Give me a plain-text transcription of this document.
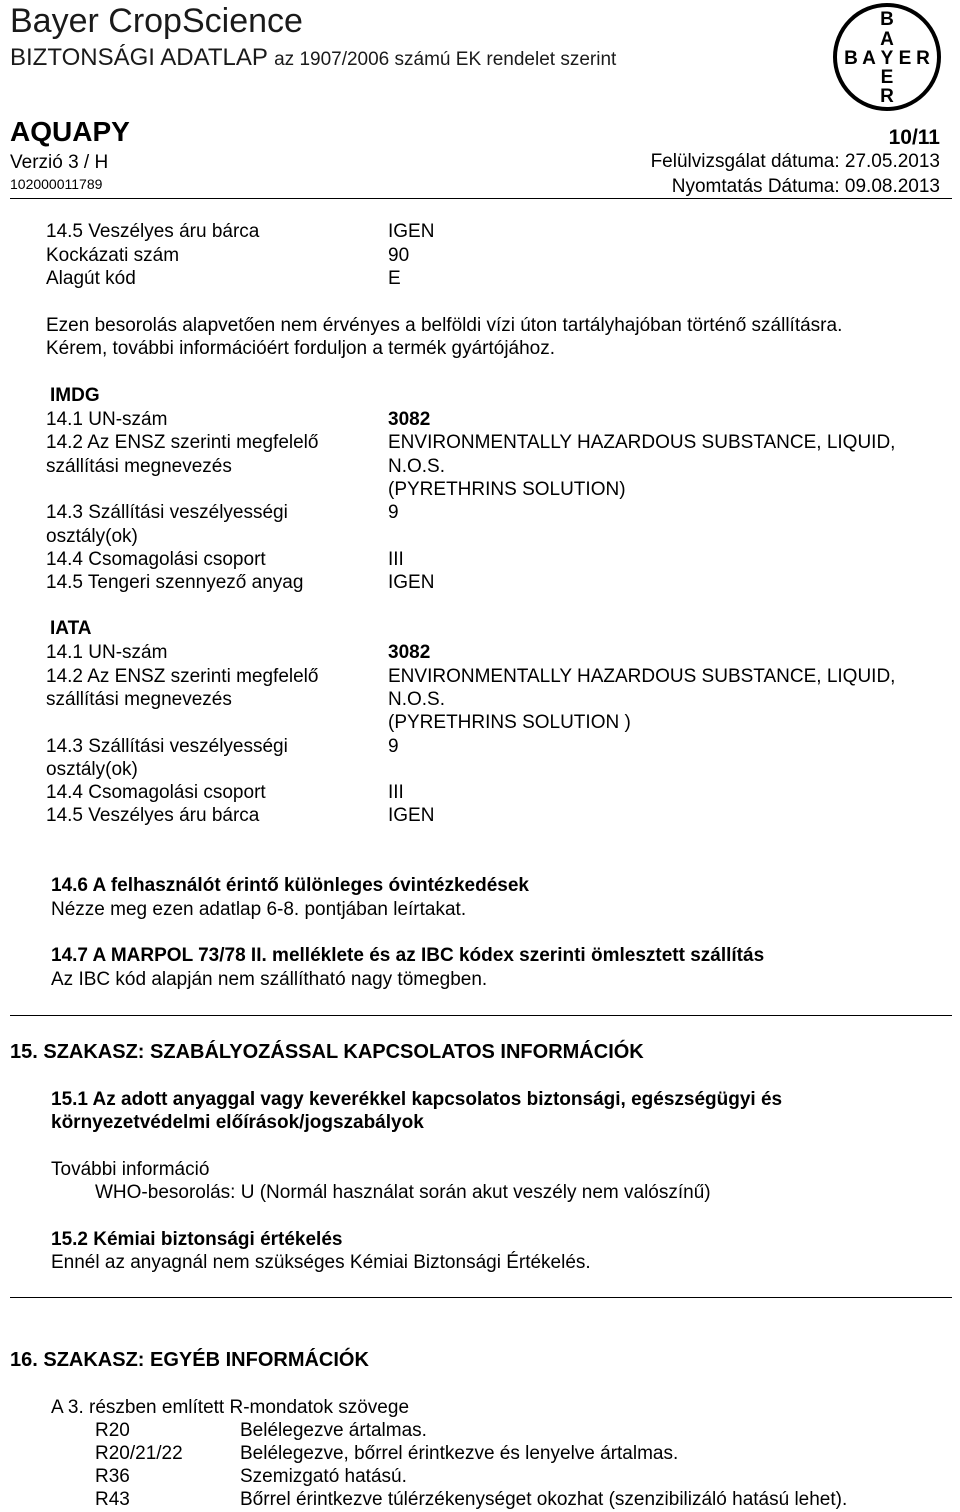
Bayer CropScience
BIZTONSÁGI ADATLAP az 1907/2006 számú EK rendelet szerint
AQUAPY
Verzió 3 / H
102000011789
10/11
Felülvizsgálat dátuma: 27.05.2013
Nyomtatás Dátuma: 09.08.2013
B
A
B A Y E R
E
R
14.5 Veszélyes áru bárca	IGEN
Kockázati szám	90
Alagút kód	E
Ezen besorolás alapvetően nem érvényes a belföldi vízi úton tartályhajóban történő szállításra.
Kérem, további információért forduljon a termék gyártójához.
IMDG
14.1 UN-szám	3082
14.2 Az ENSZ szerinti megfelelő	ENVIRONMENTALLY HAZARDOUS SUBSTANCE, LIQUID,
szállítási megnevezés	N.O.S.
(PYRETHRINS SOLUTION)
14.3 Szállítási veszélyességi	9
osztály(ok)
14.4 Csomagolási csoport	III
14.5 Tengeri szennyező anyag	IGEN
IATA
14.1 UN-szám	3082
14.2 Az ENSZ szerinti megfelelő	ENVIRONMENTALLY HAZARDOUS SUBSTANCE, LIQUID,
szállítási megnevezés	N.O.S.
(PYRETHRINS SOLUTION )
14.3 Szállítási veszélyességi	9
osztály(ok)
14.4 Csomagolási csoport	III
14.5 Veszélyes áru bárca	IGEN
14.6 A felhasználót érintő különleges óvintézkedések
Nézze meg ezen adatlap 6-8. pontjában leírtakat.
14.7 A MARPOL 73/78 II. melléklete és az IBC kódex szerinti ömlesztett szállítás
Az IBC kód alapján nem szállítható nagy tömegben.
15. SZAKASZ: SZABÁLYOZÁSSAL KAPCSOLATOS INFORMÁCIÓK
15.1 Az adott anyaggal vagy keverékkel kapcsolatos biztonsági, egészségügyi és
környezetvédelmi előírások/jogszabályok
További információ
WHO-besorolás: U (Normál használat során akut veszély nem valószínű)
15.2 Kémiai biztonsági értékelés
Ennél az anyagnál nem szükséges Kémiai Biztonsági Értékelés.
16. SZAKASZ: EGYÉB INFORMÁCIÓK
A 3. részben említett R-mondatok szövege
R20	Belélegezve ártalmas.
R20/21/22	Belélegezve, bőrrel érintkezve és lenyelve ártalmas.
R36	Szemizgató hatású.
R43	Bőrrel érintkezve túlérzékenységet okozhat (szenzibilizáló hatású lehet).
